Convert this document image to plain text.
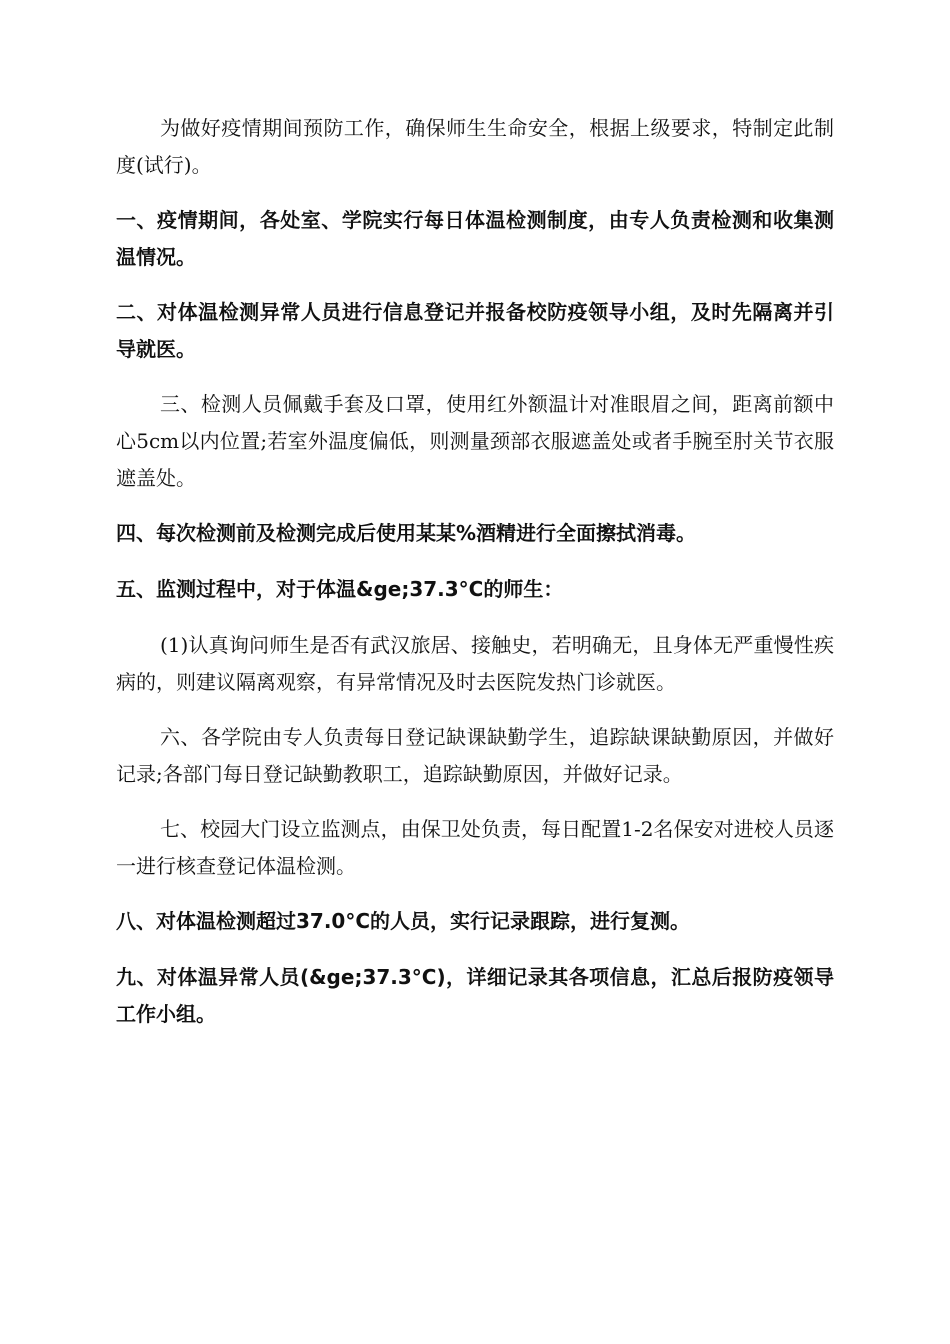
为做好疫情期间预防工作，确保师生生命安全，根据上级要求，特制定此制度(试行)。

一、疫情期间，各处室、学院实行每日体温检测制度，由专人负责检测和收集测温情况。

二、对体温检测异常人员进行信息登记并报备校防疫领导小组，及时先隔离并引导就医。

三、检测人员佩戴手套及口罩，使用红外额温计对准眼眉之间，距离前额中心5cm以内位置;若室外温度偏低，则测量颈部衣服遮盖处或者手腕至肘关节衣服遮盖处。

四、每次检测前及检测完成后使用某某%酒精进行全面擦拭消毒。

五、监测过程中，对于体温&ge;37.3°C的师生：

(1)认真询问师生是否有武汉旅居、接触史，若明确无，且身体无严重慢性疾病的，则建议隔离观察，有异常情况及时去医院发热门诊就医。

六、各学院由专人负责每日登记缺课缺勤学生，追踪缺课缺勤原因，并做好记录;各部门每日登记缺勤教职工，追踪缺勤原因，并做好记录。

七、校园大门设立监测点，由保卫处负责，每日配置1-2名保安对进校人员逐一进行核查登记体温检测。

八、对体温检测超过37.0°C的人员，实行记录跟踪，进行复测。

九、对体温异常人员(&ge;37.3°C)，详细记录其各项信息，汇总后报防疫领导工作小组。
